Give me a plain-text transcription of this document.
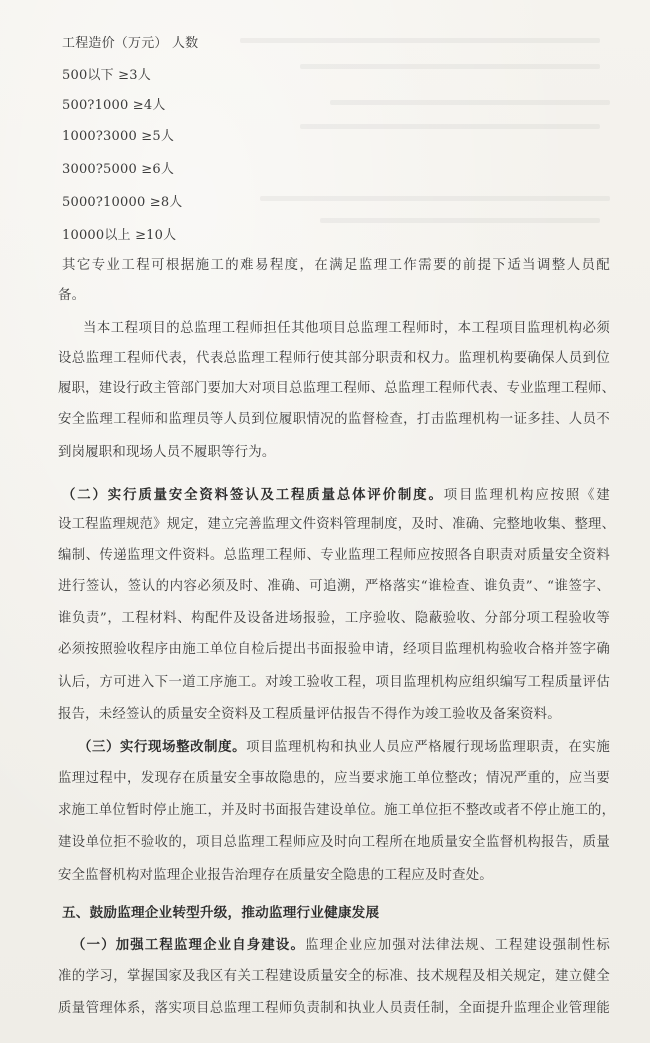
工程造价（万元） 人数
500以下 ≥3人
500?1000 ≥4人
1000?3000 ≥5人
3000?5000 ≥6人
5000?10000 ≥8人
10000以上 ≥10人
其它专业工程可根据施工的难易程度，在满足监理工作需要的前提下适当调整人员配
备。
当本工程项目的总监理工程师担任其他项目总监理工程师时，本工程项目监理机构必须
设总监理工程师代表，代表总监理工程师行使其部分职责和权力。监理机构要确保人员到位
履职，建设行政主管部门要加大对项目总监理工程师、总监理工程师代表、专业监理工程师、
安全监理工程师和监理员等人员到位履职情况的监督检查，打击监理机构一证多挂、人员不
到岗履职和现场人员不履职等行为。
（二）实行质量安全资料签认及工程质量总体评价制度。项目监理机构应按照《建
设工程监理规范》规定，建立完善监理文件资料管理制度，及时、准确、完整地收集、整理、
编制、传递监理文件资料。总监理工程师、专业监理工程师应按照各自职责对质量安全资料
进行签认，签认的内容必须及时、准确、可追溯，严格落实“谁检查、谁负责”、“谁签字、
谁负责”，工程材料、构配件及设备进场报验，工序验收、隐蔽验收、分部分项工程验收等
必须按照验收程序由施工单位自检后提出书面报验申请，经项目监理机构验收合格并签字确
认后，方可进入下一道工序施工。对竣工验收工程，项目监理机构应组织编写工程质量评估
报告，未经签认的质量安全资料及工程质量评估报告不得作为竣工验收及备案资料。
（三）实行现场整改制度。项目监理机构和执业人员应严格履行现场监理职责，在实施
监理过程中，发现存在质量安全事故隐患的，应当要求施工单位整改；情况严重的，应当要
求施工单位暂时停止施工，并及时书面报告建设单位。施工单位拒不整改或者不停止施工的，
建设单位拒不验收的，项目总监理工程师应及时向工程所在地质量安全监督机构报告，质量
安全监督机构对监理企业报告治理存在质量安全隐患的工程应及时查处。
五、鼓励监理企业转型升级，推动监理行业健康发展
（一）加强工程监理企业自身建设。监理企业应加强对法律法规、工程建设强制性标
准的学习，掌握国家及我区有关工程建设质量安全的标准、技术规程及相关规定，建立健全
质量管理体系，落实项目总监理工程师负责制和执业人员责任制，全面提升监理企业管理能
